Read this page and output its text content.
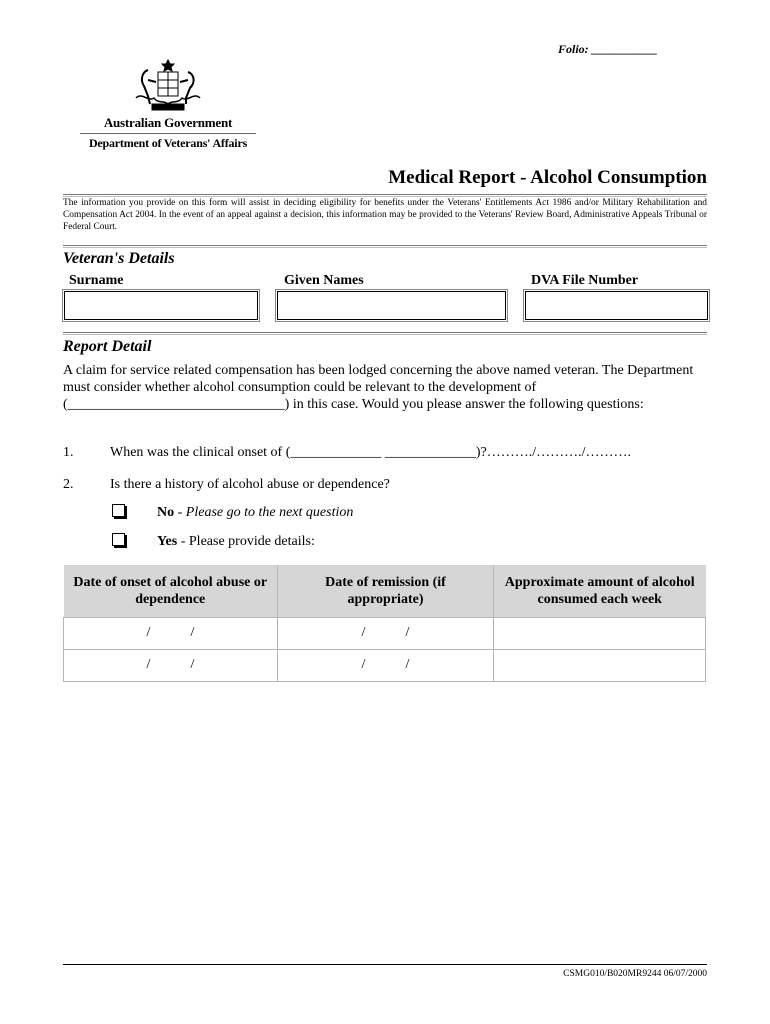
Folio: ___________
Australian Government
Department of Veterans' Affairs
Medical Report - Alcohol Consumption
The information you provide on this form will assist in deciding eligibility for benefits under the Veterans' Entitlements Act 1986 and/or Military Rehabilitation and Compensation Act 2004. In the event of an appeal against a decision, this information may be provided to the Veterans' Review Board, Administrative Appeals Tribunal or Federal Court.
Veteran's Details
Surname	Given Names	DVA File Number
Report Detail
A claim for service related compensation has been lodged concerning the above named veteran. The Department must consider whether alcohol consumption could be relevant to the development of (_______________________________) in this case. Would you please answer the following questions:
1.	When was the clinical onset of (_____________ _____________)?………./………./……….
2.	Is there a history of alcohol abuse or dependence?
No - Please go to the next question
Yes - Please provide details:
Date of onset of alcohol abuse or dependence	Date of remission (if appropriate)	Approximate amount of alcohol consumed each week
/ /	/ /	
/ /	/ /	
CSMG010/B020MR9244 06/07/2000
